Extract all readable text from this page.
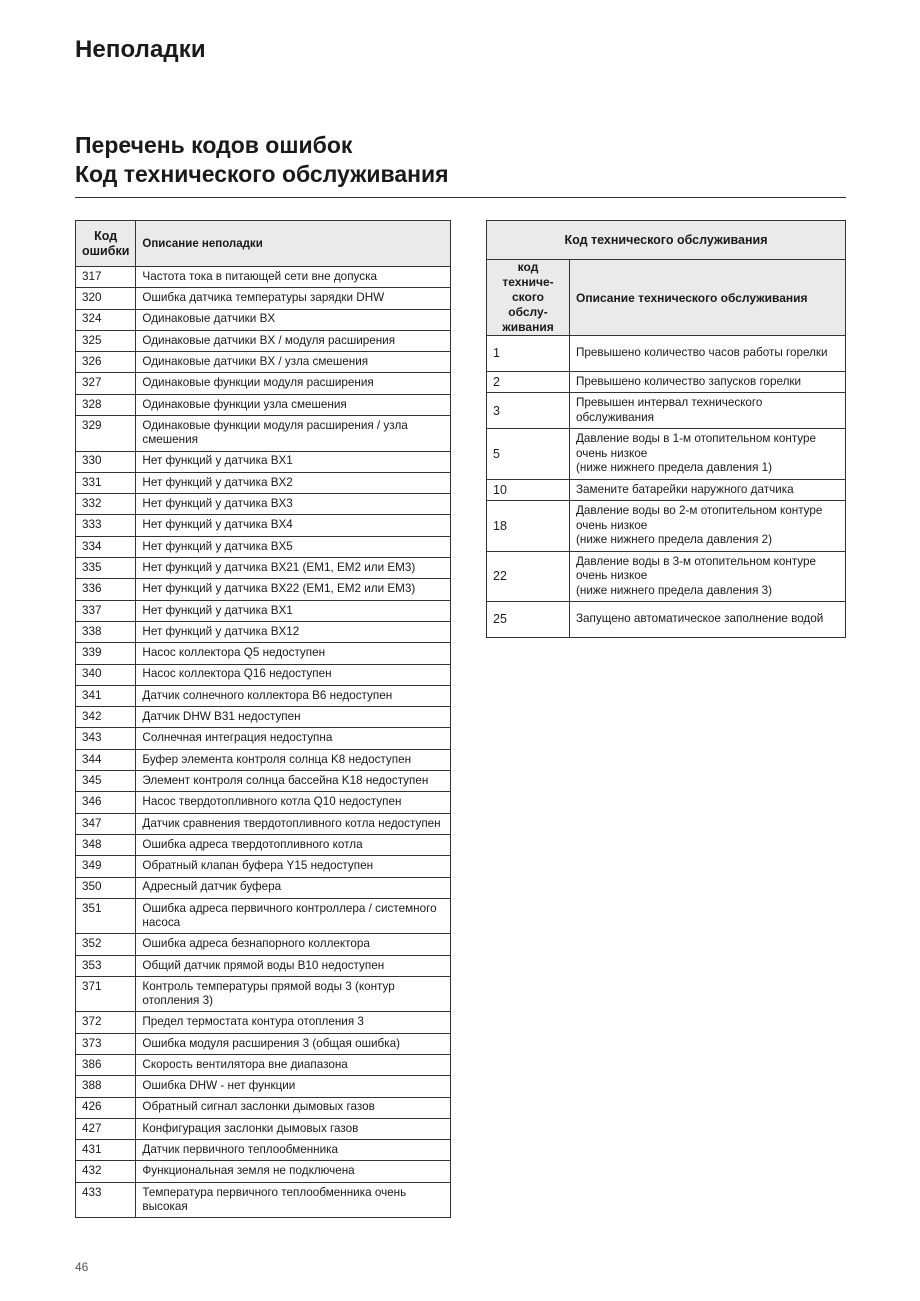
Неполадки
Перечень кодов ошибок
Код технического обслуживания
Код
ошибки	Описание неполадки
317	Частота тока в питающей сети вне допуска
320	Ошибка датчика температуры зарядки DHW
324	Одинаковые датчики BX
325	Одинаковые датчики BX / модуля расширения
326	Одинаковые датчики BX / узла смешения
327	Одинаковые функции модуля расширения
328	Одинаковые функции узла смешения
329	Одинаковые функции модуля расширения / узла смешения
330	Нет функций у датчика BX1
331	Нет функций у датчика BX2
332	Нет функций у датчика BX3
333	Нет функций у датчика BX4
334	Нет функций у датчика BX5
335	Нет функций у датчика BX21 (EM1, EM2 или EM3)
336	Нет функций у датчика BX22 (EM1, EM2 или EM3)
337	Нет функций у датчика BX1
338	Нет функций у датчика BX12
339	Насос коллектора Q5 недоступен
340	Насос коллектора Q16 недоступен
341	Датчик солнечного коллектора B6 недоступен
342	Датчик DHW B31 недоступен
343	Солнечная интеграция недоступна
344	Буфер элемента контроля солнца K8 недоступен
345	Элемент контроля солнца бассейна K18 недоступен
346	Насос твердотопливного котла Q10 недоступен
347	Датчик сравнения твердотопливного котла недоступен
348	Ошибка адреса твердотопливного котла
349	Обратный клапан буфера Y15 недоступен
350	Адресный датчик буфера
351	Ошибка адреса первичного контроллера / системного насоса
352	Ошибка адреса безнапорного коллектора
353	Общий датчик прямой воды B10 недоступен
371	Контроль температуры прямой воды 3 (контур отопления 3)
372	Предел термостата контура отопления 3
373	Ошибка модуля расширения 3 (общая ошибка)
386	Скорость вентилятора вне диапазона
388	Ошибка DHW - нет функции
426	Обратный сигнал заслонки дымовых газов
427	Конфигурация заслонки дымовых газов
431	Датчик первичного теплообменника
432	Функциональная земля не подключена
433	Температура первичного теплообменника очень высокая
Код технического обслуживания	
код техниче-
ского обслу-
живания	Описание технического обслуживания
1	Превышено количество часов работы горелки
2	Превышено количество запусков горелки
3	Превышен интервал технического обслуживания
5	Давление воды в 1-м отопительном контуре очень низкое
(ниже нижнего предела давления 1)
10	Замените батарейки наружного датчика
18	Давление воды во 2-м отопительном контуре очень низкое
(ниже нижнего предела давления 2)
22	Давление воды в 3-м отопительном контуре очень низкое
(ниже нижнего предела давления 3)
25	Запущено автоматическое заполнение водой
46
